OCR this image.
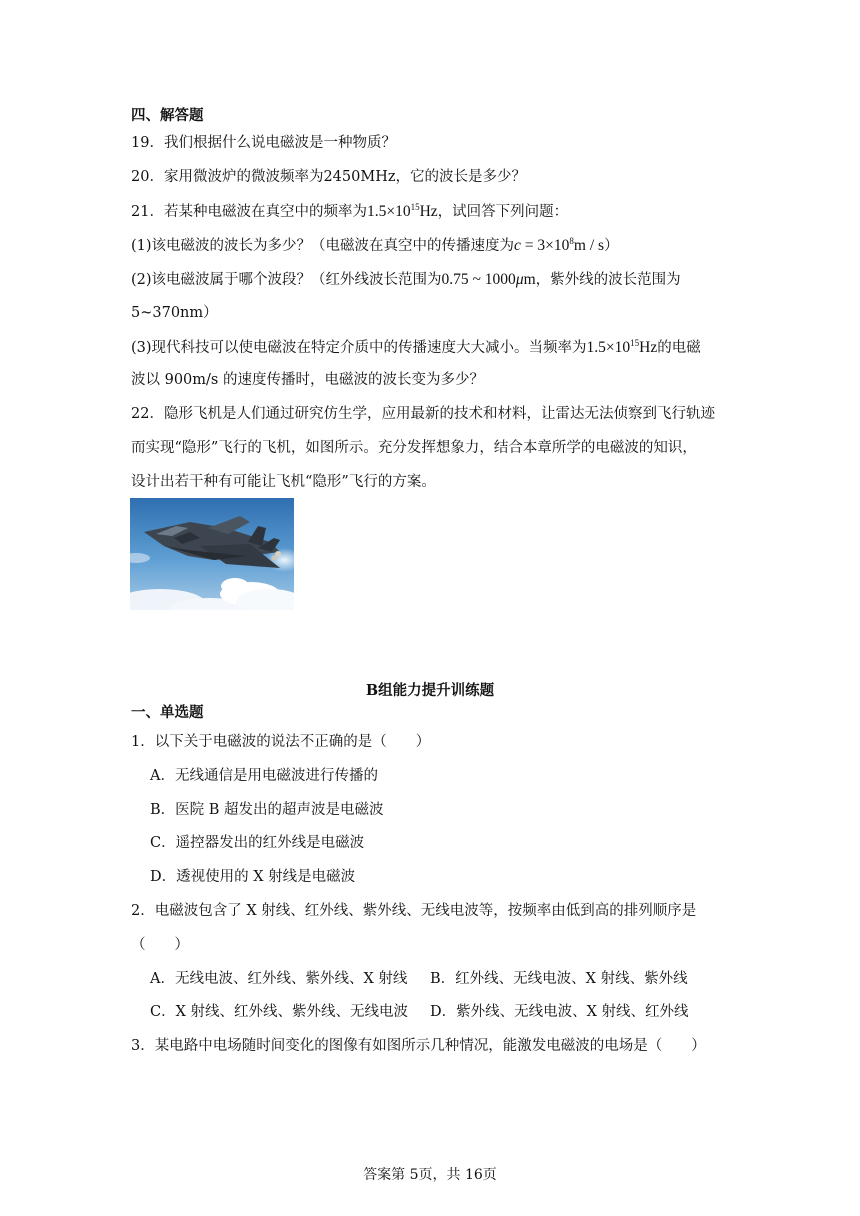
四、解答题
19．我们根据什么说电磁波是一种物质？
20．家用微波炉的微波频率为2450MHz，它的波长是多少？
21．若某种电磁波在真空中的频率为$1.5\times 10^{15}Hz$，试回答下列问题：
(1)该电磁波的波长为多少？（电磁波在真空中的传播速度为$c = 3\times 10^8m / s$）
(2)该电磁波属于哪个波段？（红外线波长范围为0.75 ~ 1000μm，紫外线的波长范围为
5~370nm）
(3)现代科技可以使电磁波在特定介质中的传播速度大大减小。当频率为$1.5\times 10^{15}Hz$的电磁
波以 900m/s 的速度传播时，电磁波的波长变为多少？
22．隐形飞机是人们通过研究仿生学，应用最新的技术和材料，让雷达无法侦察到飞行轨迹
而实现“隐形”飞行的飞机，如图所示。充分发挥想象力，结合本章所学的电磁波的知识，
设计出若干种有可能让飞机“隐形”飞行的方案。
B组能力提升训练题
一、单选题
1．以下关于电磁波的说法不正确的是（　　）
A．无线通信是用电磁波进行传播的
B．医院 B 超发出的超声波是电磁波
C．遥控器发出的红外线是电磁波
D．透视使用的 X 射线是电磁波
2．电磁波包含了 X 射线、红外线、紫外线、无线电波等，按频率由低到高的排列顺序是
（　　）
A．无线电波、红外线、紫外线、X 射线 B．红外线、无线电波、X 射线、紫外线
C．X 射线、红外线、紫外线、无线电波 D．紫外线、无线电波、X 射线、红外线
3．某电路中电场随时间变化的图像有如图所示几种情况，能激发电磁波的电场是（　　）
答案第 5页，共 16页
